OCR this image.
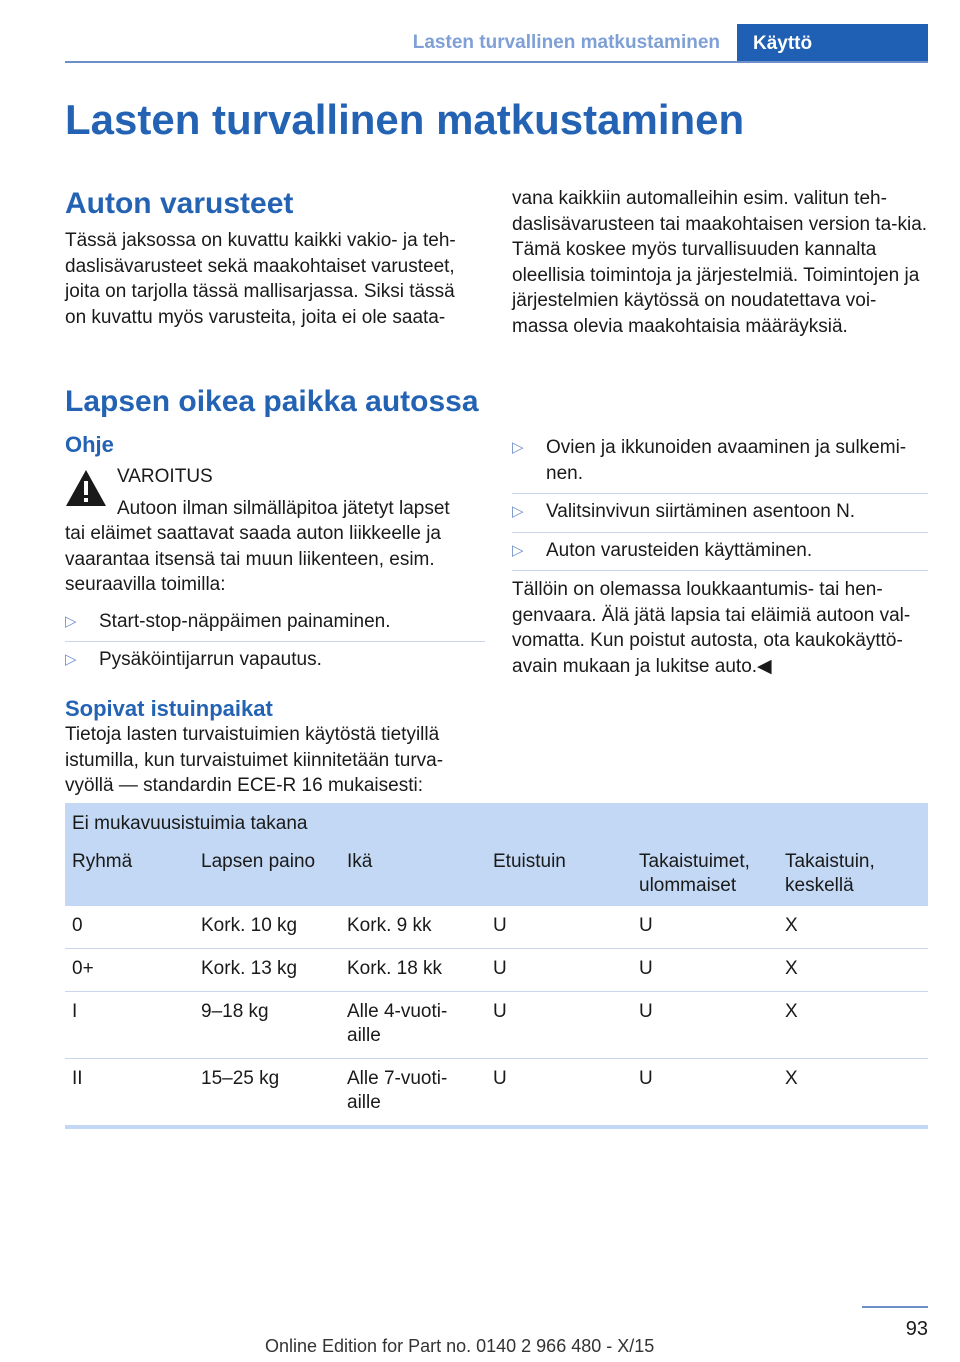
Lasten turvallinen matkustaminen Käyttö
Lasten turvallinen matkustaminen
Auton varusteet

Tässä jaksossa on kuvattu kaikki vakio- ja teh-daslisävarusteet sekä maakohtaiset varusteet, joita on tarjolla tässä mallisarjassa. Siksi tässä on kuvattu myös varusteita, joita ei ole saata-

vana kaikkiin automalleihin esim. valitun teh-daslisävarusteen tai maakohtaisen version ta-kia. Tämä koskee myös turvallisuuden kannalta oleellisia toimintoja ja järjestelmiä. Toimintojen ja järjestelmien käytössä on noudatettava voi-massa olevia maakohtaisia määräyksiä.

Lapsen oikea paikka autossa
Ohje

VAROITUS

Autoon ilman silmälläpitoa jätetyt lapset

tai eläimet saattavat saada auton liikkeelle ja vaarantaa itsensä tai muun liikenteen, esim. seuraavilla toimilla:

▷	Start-stop-näppäimen painaminen.
▷	Pysäköintijarrun vapautus.
▷	Ovien ja ikkunoiden avaaminen ja sulkemi-nen.
▷	Valitsinvivun siirtäminen asentoon N.
▷	Auton varusteiden käyttäminen.

Tällöin on olemassa loukkaantumis- tai hen-genvaara. Älä jätä lapsia tai eläimiä autoon val-vomatta. Kun poistut autosta, ota kaukokäyttö-avain mukaan ja lukitse auto.◀

Sopivat istuinpaikat

Tietoja lasten turvaistuimien käytöstä tietyillä istumilla, kun turvaistuimet kiinnitetään turva-vyöllä — standardin ECE-R 16 mukaisesti:

Ei mukavuusistuimia takana					
Ryhmä	Lapsen paino	Ikä	Etuistuin	Takaistuimet, ulommaiset	Takaistuin, keskellä
0	Kork. 10 kg	Kork. 9 kk	U	U	X
0+	Kork. 13 kg	Kork. 18 kk	U	U	X
I	9–18 kg	Alle 4-vuoti-aille	U	U	X
II	15–25 kg	Alle 7-vuoti-aille	U	U	X
93
Online Edition for Part no. 0140 2 966 480 - X/15
